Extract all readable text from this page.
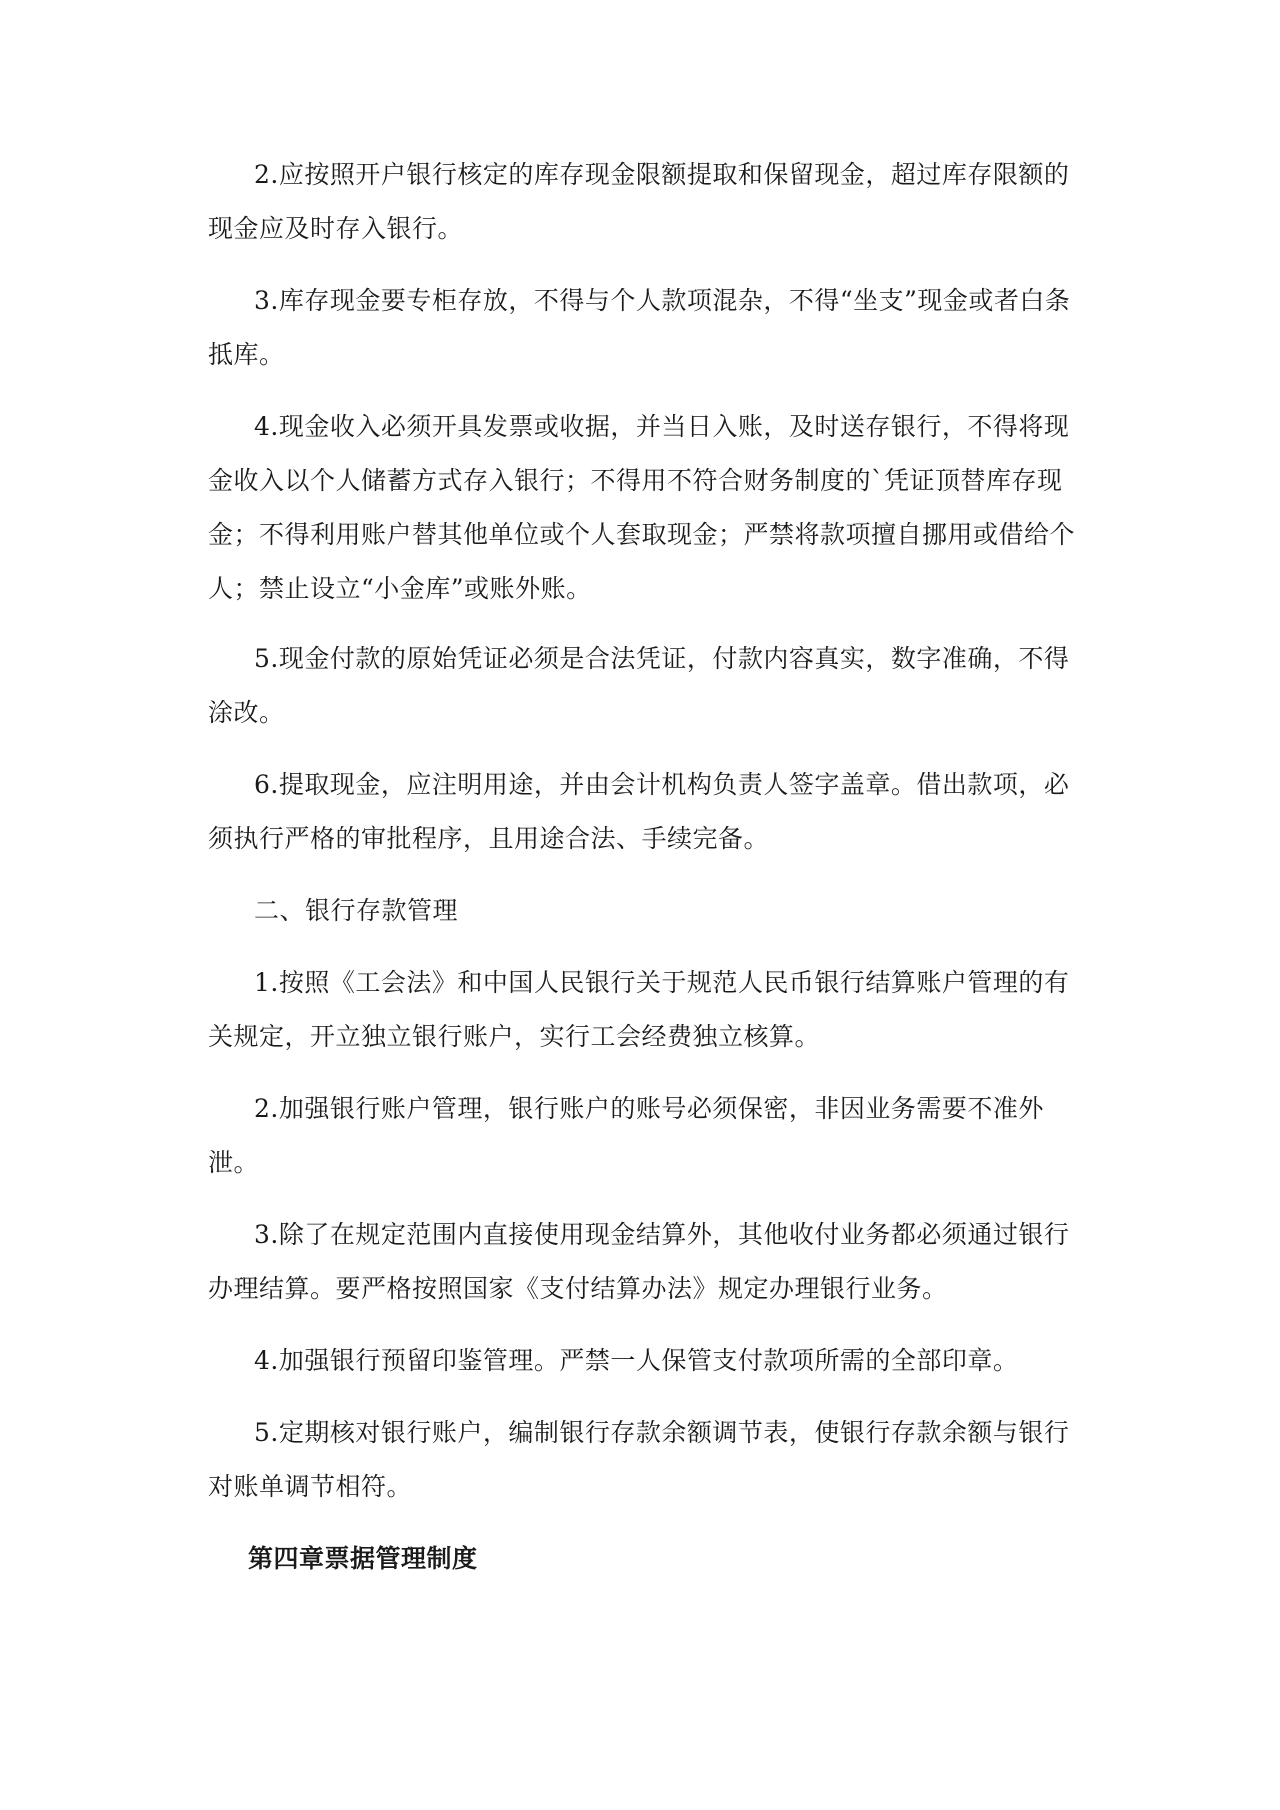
2.应按照开户银行核定的库存现金限额提取和保留现金，超过库存限额的现金应及时存入银行。

3.库存现金要专柜存放，不得与个人款项混杂，不得“坐支”现金或者白条抵库。

4.现金收入必须开具发票或收据，并当日入账，及时送存银行，不得将现金收入以个人储蓄方式存入银行；不得用不符合财务制度的`凭证顶替库存现金；不得利用账户替其他单位或个人套取现金；严禁将款项擅自挪用或借给个人；禁止设立“小金库”或账外账。

5.现金付款的原始凭证必须是合法凭证，付款内容真实，数字准确，不得涂改。

6.提取现金，应注明用途，并由会计机构负责人签字盖章。借出款项，必须执行严格的审批程序，且用途合法、手续完备。

二、银行存款管理

1.按照《工会法》和中国人民银行关于规范人民币银行结算账户管理的有关规定，开立独立银行账户，实行工会经费独立核算。

2.加强银行账户管理，银行账户的账号必须保密，非因业务需要不准外泄。

3.除了在规定范围内直接使用现金结算外，其他收付业务都必须通过银行办理结算。要严格按照国家《支付结算办法》规定办理银行业务。

4.加强银行预留印鉴管理。严禁一人保管支付款项所需的全部印章。

5.定期核对银行账户，编制银行存款余额调节表，使银行存款余额与银行对账单调节相符。

第四章票据管理制度
